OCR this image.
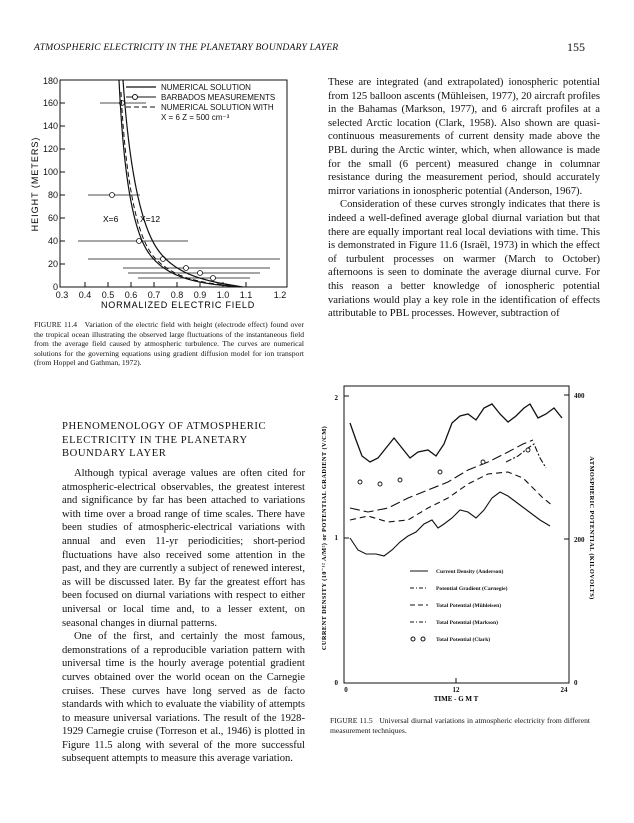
ATMOSPHERIC ELECTRICITY IN THE PLANETARY BOUNDARY LAYER	155
0
20
40
60
80
100
120
140
160
180
HEIGHT (METERS)
0.3 0.4 0.5 0.6 0.7 0.8 0.9 1.0 1.1 1.2
NORMALIZED ELECTRIC FIELD
NUMERICAL SOLUTION
BARBADOS MEASUREMENTS
NUMERICAL SOLUTION WITH
X = 6 Z = 500 cm⁻³
X=6	X=12
FIGURE 11.4 Variation of the electric field with height (electrode effect) found over the tropical ocean illustrating the observed large fluctuations of the instantaneous field from the average field caused by atmospheric turbulence. The curves are numerical solutions for the governing equations using gradient diffusion model for ion transport (from Hoppel and Gathman, 1972).
PHENOMENOLOGY OF ATMOSPHERIC ELECTRICITY IN THE PLANETARY BOUNDARY LAYER

Although typical average values are often cited for atmospheric-electrical observables, the greatest interest and significance by far has been attached to variations with time over a broad range of time scales. There have been studies of atmospheric-electrical variations with annual and even 11-yr periodicities; short-period fluctuations have also received some attention in the past, and they are currently a subject of renewed interest, as will be discussed later. By far the greatest effort has been focused on diurnal variations with respect to either universal or local time and, to a lesser extent, on seasonal changes in diurnal patterns.

One of the first, and certainly the most famous, demonstrations of a reproducible variation pattern with universal time is the hourly average potential gradient curves obtained over the world ocean on the Carnegie cruises. These curves have long served as de facto standards with which to evaluate the viability of attempts to measure universal variations. The result of the 1928-1929 Carnegie cruise (Torreson et al., 1946) is plotted in Figure 11.5 along with several of the more successful subsequent attempts to measure this average variation.

These are integrated (and extrapolated) ionospheric potential from 125 balloon ascents (Mühleisen, 1977), 20 aircraft profiles in the Bahamas (Markson, 1977), and 6 aircraft profiles at a selected Arctic location (Clark, 1958). Also shown are quasi-continuous measurements of current density made above the PBL during the Arctic winter, which, when allowance is made for the small (6 percent) measured change in columnar resistance during the measurement period, should accurately mirror variations in ionospheric potential (Anderson, 1967).

Consideration of these curves strongly indicates that there is indeed a well-defined average global diurnal variation but that there are equally important real local deviations with time. This is demonstrated in Figure 11.6 (Israël, 1973) in which the effect of turbulent processes on warmer (March to October) afternoons is seen to dominate the average diurnal curve. For this reason a better knowledge of ionospheric potential variations would play a key role in the identification of effects attributable to PBL processes. However, subtraction of

2
1
0
400
200
0
0	12	24
TIME - G M T
CURRENT DENSITY (10⁻¹² A/M²) or POTENTIAL GRADIENT (V/CM)	ATMOSPHERIC POTENTIAL (KILOVOLTS)
Current Density (Anderson)
Potential Gradient (Carnegie)
Total Potential (Mühleisen)
Total Potential (Markson)
Total Potential (Clark)
FIGURE 11.5 Universal diurnal variations in atmospheric electricity from different measurement techniques.
